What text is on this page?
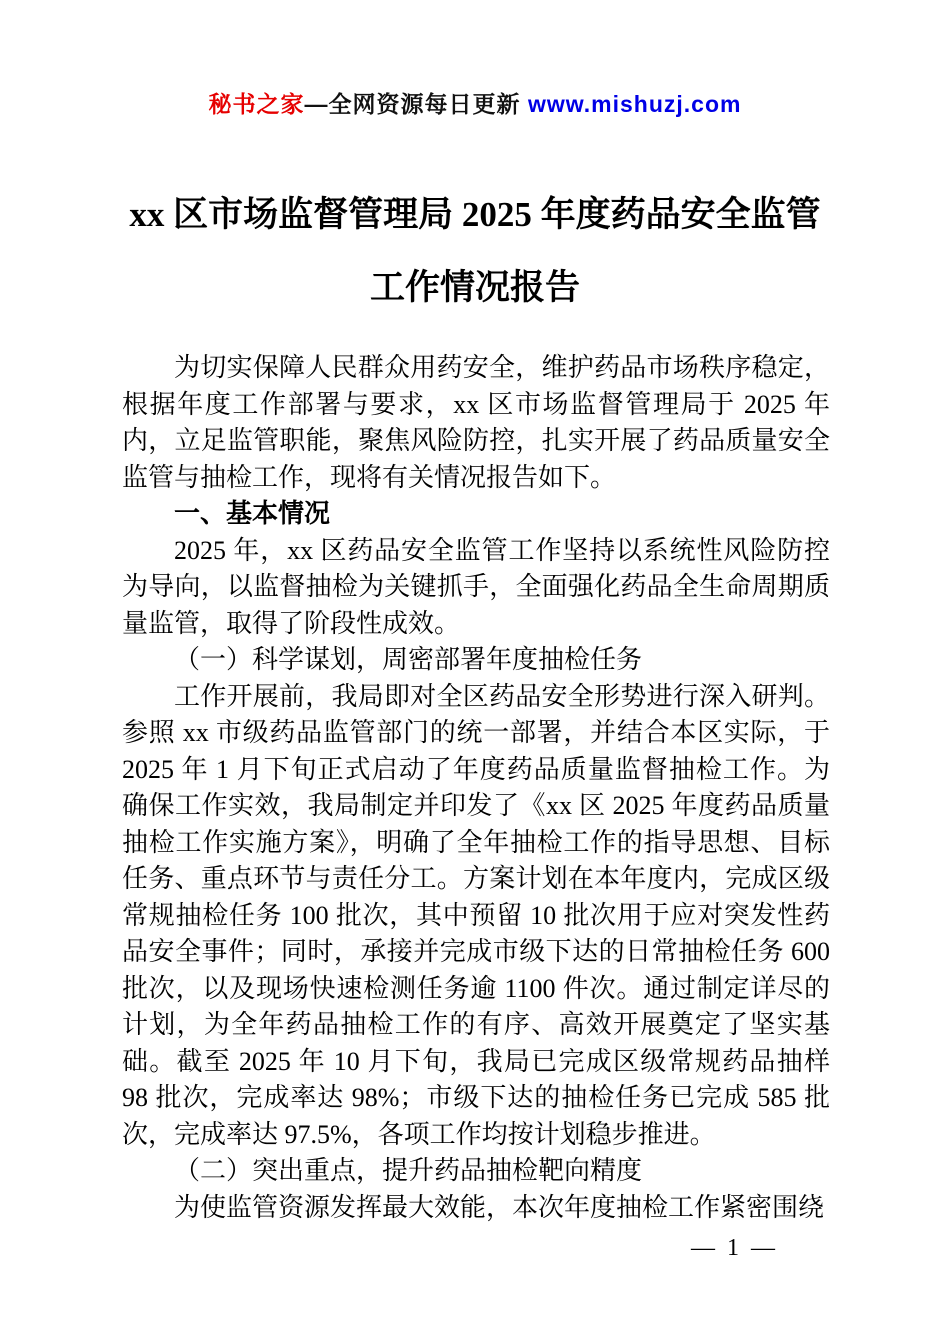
秘书之家—全网资源每日更新 www.mishuzj.com
xx 区市场监督管理局 2025 年度药品安全监管
工作情况报告

为切实保障人民群众用药安全，维护药品市场秩序稳定，根据年度工作部署与要求，xx 区市场监督管理局于 2025 年内，立足监管职能，聚焦风险防控，扎实开展了药品质量安全监管与抽检工作，现将有关情况报告如下。

一、基本情况

2025 年，xx 区药品安全监管工作坚持以系统性风险防控为导向，以监督抽检为关键抓手，全面强化药品全生命周期质量监管，取得了阶段性成效。

（一）科学谋划，周密部署年度抽检任务

工作开展前，我局即对全区药品安全形势进行深入研判。参照 xx 市级药品监管部门的统一部署，并结合本区实际，于 2025 年 1 月下旬正式启动了年度药品质量监督抽检工作。为确保工作实效，我局制定并印发了《xx 区 2025 年度药品质量抽检工作实施方案》，明确了全年抽检工作的指导思想、目标任务、重点环节与责任分工。方案计划在本年度内，完成区级常规抽检任务 100 批次，其中预留 10 批次用于应对突发性药品安全事件；同时，承接并完成市级下达的日常抽检任务 600 批次，以及现场快速检测任务逾 1100 件次。通过制定详尽的计划，为全年药品抽检工作的有序、高效开展奠定了坚实基础。截至 2025 年 10 月下旬，我局已完成区级常规药品抽样 98 批次，完成率达 98%；市级下达的抽检任务已完成 585 批次，完成率达 97.5%，各项工作均按计划稳步推进。

（二）突出重点，提升药品抽检靶向精度

为使监管资源发挥最大效能，本次年度抽检工作紧密围绕

— 1 —
